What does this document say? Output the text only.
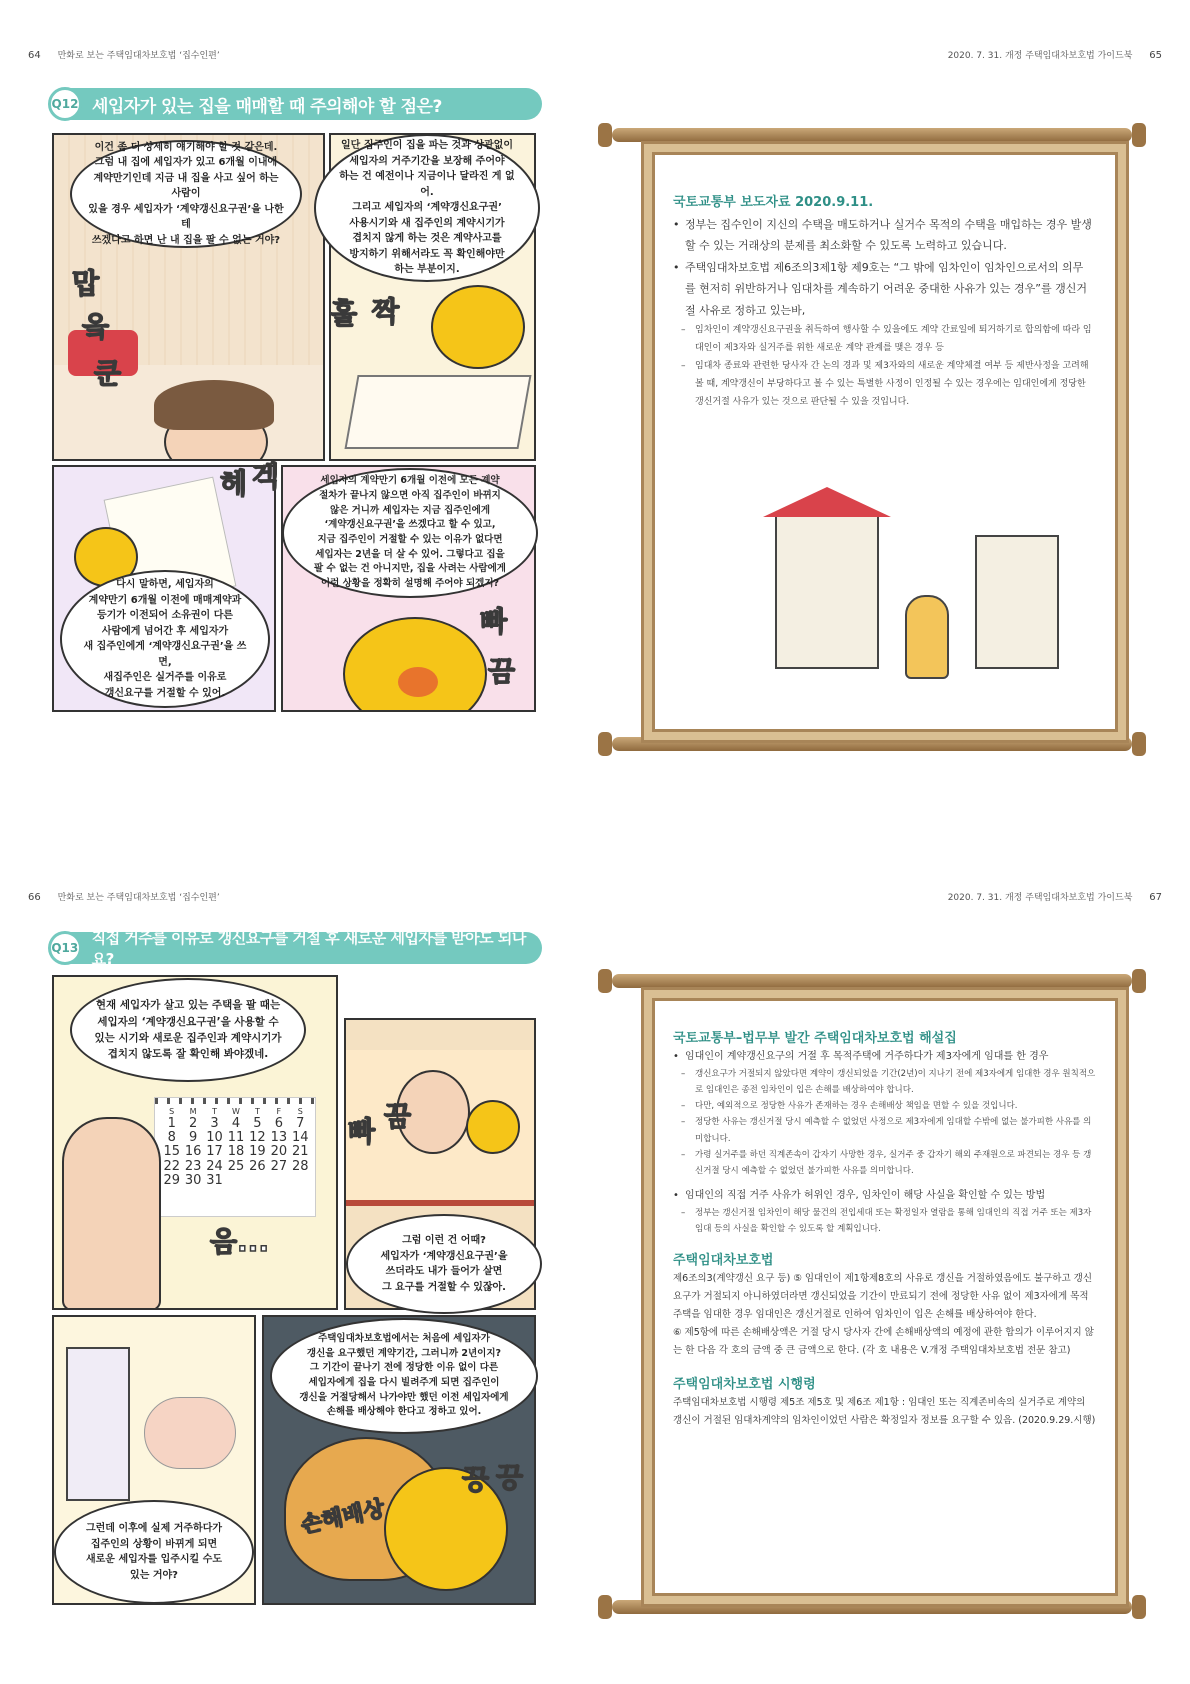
64 만화로 보는 주택임대차보호법 ‘집수인편’	2020. 7. 31. 개정 주택임대차보호법 가이드북 65
Q12 세입자가 있는 집을 매매할 때 주의해야 할 점은?
이건 좀 더 상세히 얘기해야 할 것 같은데.
그럼 내 집에 세입자가 있고 6개월 이내에
계약만기인데 지금 내 집을 사고 싶어 하는 사람이
있을 경우 세입자가 ‘계약갱신요구권’을 나한테
쓰겠다고 하면 난 내 집을 팔 수 없는 거야?
일단 집주인이 집을 파는 것과 상관없이
세입자의 거주기간을 보장해 주어야
하는 건 예전이나 지금이나 달라진 게 없어.
그리고 세입자의 ‘계약갱신요구권’
사용시기와 새 집주인의 계약시기가
겹치지 않게 하는 것은 계약사고를
방지하기 위해서라도 꼭 확인해야만
하는 부분이지.
다시 말하면, 세입자의
계약만기 6개월 이전에 매매계약과
등기가 이전되어 소유권이 다른
사람에게 넘어간 후 세입자가
새 집주인에게 ‘계약갱신요구권’을 쓰면,
새집주인은 실거주를 이유로
갱신요구를 거절할 수 있어.
세입자의 계약만기 6개월 이전에 모든 계약
절차가 끝나지 않으면 아직 집주인이 바뀌지
않은 거니까 세입자는 지금 집주인에게
‘계약갱신요구권’을 쓰겠다고 할 수 있고,
지금 집주인이 거절할 수 있는 이유가 없다면
세입자는 2년을 더 살 수 있어. 그렇다고 집을
팔 수 없는 건 아니지만, 집을 사려는 사람에게
이런 상황을 정확히 설명해 주어야 되겠지?
맙
읔
쿤
훌 짝
헤 겍
빠
끔
국토교통부 보도자료 2020.9.11.
• 정부는 집수인이 지신의 수택을 매도하거나 실거수 목적의 수택을 매입하는 경우 발생할 수 있는 거래상의 분제를 최소화할 수 있도록 노력하고 있습니다.
• 주택임대차보호법 제6조의3제1항 제9호는 “그 밖에 임차인이 임차인으로서의 의무를 현저히 위반하거나 임대차를 계속하기 어려운 중대한 사유가 있는 경우”를 갱신거절 사유로 정하고 있는바,
– 임차인이 계약갱신요구권을 취득하여 행사할 수 있을에도 계약 간료일에 퇴거하기로 합의함에 따라 임대인이 제3자와 실거주를 위한 새로운 계약 관계를 맺은 경우 등
– 임대차 종료와 관련한 당사자 간 논의 경과 및 제3자와의 새로운 계약체결 여부 등 제반사정을 고려해 볼 때, 계약갱신이 부당하다고 볼 수 있는 특별한 사정이 인정될 수 있는 경우에는 임대인에게 정당한 갱신거절 사유가 있는 것으로 판단될 수 있을 것입니다.
66 만화로 보는 주택임대차보호법 ‘집수인편’	2020. 7. 31. 개정 주택임대차보호법 가이드북 67
Q13
직접 거주를 이유로 갱신요구를 거절 후 새로운 세입자를 받아도 되나요?
S	M	T	W	T	F	S
1	2	3	4	5	6	7
8	9 10 11 12 13 14
15 16 17 18 19 20 21
22 23 24 25 26 27 28
29 30 31
현재 세입자가 살고 있는 주택을 팔 때는
세입자의 ‘계약갱신요구권’을 사용할 수
있는 시기와 새로운 집주인과 계약시기가
겹치지 않도록 잘 확인해 봐야겠네.
그럼 이런 건 어때?
세입자가 ‘계약갱신요구권’을
쓰더라도 내가 들어가 살면
그 요구를 거절할 수 있잖아.
주택임대차보호법에서는 처음에 세입자가
갱신을 요구했던 계약기간, 그러니까 2년이지?
그 기간이 끝나기 전에 정당한 이유 없이 다른
세입자에게 집을 다시 빌려주게 되면 집주인이
갱신을 거절당해서 나가야만 했던 이전 세입자에게
손해를 배상해야 한다고 정하고 있어.
그런데 이후에 실제 거주하다가
집주인의 상황이 바뀌게 되면
새로운 세입자를 입주시킬 수도
있는 거야?
음...
빠 끔
끙 끙
손해배상
국토교통부–법무부 발간 주택임대차보호법 해설집
• 임대인이 계약갱신요구의 거절 후 목적주택에 거주하다가 제3자에게 임대를 한 경우
– 갱신요구가 거절되지 않았다면 계약이 갱신되었을 기간(2년)이 지나기 전에 제3자에게 임대한 경우 원칙적으로 임대인은 종전 임차인이 입은 손해를 배상하여야 합니다.
– 다만, 예외적으로 정당한 사유가 존재하는 경우 손해배상 책임을 면할 수 있을 것입니다.
– 정당한 사유는 갱신거절 당시 예측할 수 없었던 사정으로 제3자에게 임대할 수밖에 없는 불가피한 사유를 의미합니다.
– 가령 실거주를 하던 직계존속이 갑자기 사망한 경우, 실거주 중 갑자기 해외 주재원으로 파견되는 경우 등 갱신거절 당시 예측할 수 없었던 불가피한 사유를 의미합니다.
• 임대인의 직접 거주 사유가 허위인 경우, 임차인이 해당 사실을 확인할 수 있는 방법
– 정부는 갱신거절 임차인이 해당 물건의 전입세대 또는 확정일자 열람을 통해 임대인의 직접 거주 또는 제3자 임대 등의 사실을 확인할 수 있도록 할 계획입니다.
주택임대차보호법
제6조의3(계약갱신 요구 등) ⑤ 임대인이 제1항제8호의 사유로 갱신을 거절하였음에도 불구하고 갱신요구가 거절되지 아니하였더라면 갱신되었을 기간이 만료되기 전에 정당한 사유 없이 제3자에게 목적 주택을 임대한 경우 임대인은 갱신거절로 인하여 임차인이 입은 손해를 배상하여야 한다.
⑥ 제5항에 따른 손해배상액은 거절 당시 당사자 간에 손해배상액의 예정에 관한 합의가 이루어지지 않는 한 다음 각 호의 금액 중 큰 금액으로 한다. (각 호 내용은 V.개정 주택임대차보호법 전문 참고)
주택임대차보호법 시행령
주택임대차보호법 시행령 제5조 제5호 및 제6조 제1항 : 임대인 또는 직계존비속의 실거주로 계약의 갱신이 거절된 임대차계약의 임차인이었던 사람은 확정일자 정보를 요구할 수 있음. (2020.9.29.시행)
